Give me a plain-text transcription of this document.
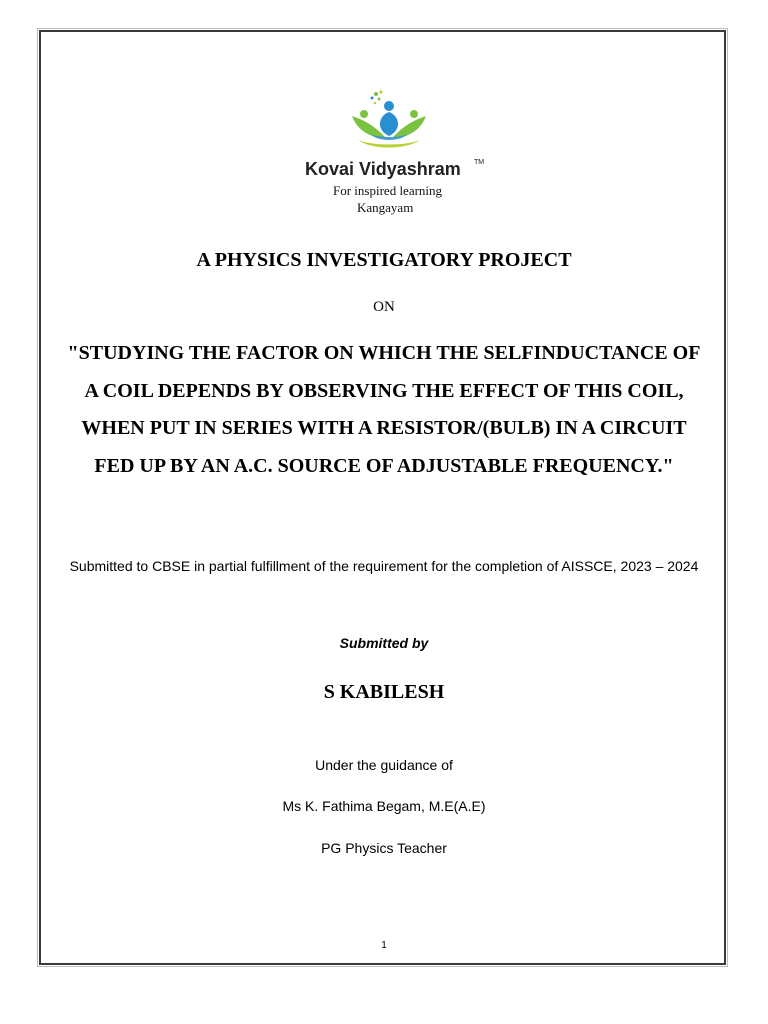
Kovai Vidyashram TM
For inspired learning
Kangayam
A PHYSICS INVESTIGATORY PROJECT
ON
"STUDYING THE FACTOR ON WHICH THE SELFINDUCTANCE OF A COIL DEPENDS BY OBSERVING THE EFFECT OF THIS COIL, WHEN PUT IN SERIES WITH A RESISTOR/(BULB) IN A CIRCUIT FED UP BY AN A.C. SOURCE OF ADJUSTABLE FREQUENCY."
Submitted to CBSE in partial fulfillment of the requirement for the completion of AISSCE, 2023 – 2024
Submitted by
S KABILESH
Under the guidance of
Ms K. Fathima Begam, M.E(A.E)
PG Physics Teacher
1
